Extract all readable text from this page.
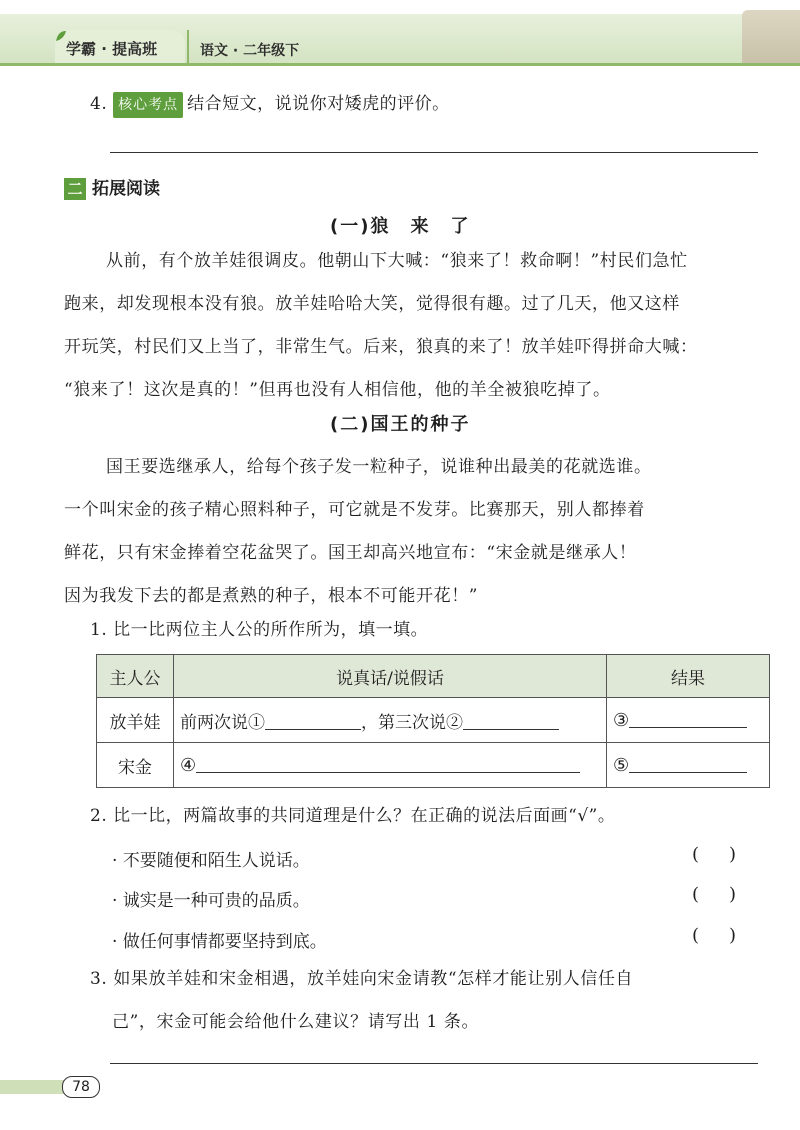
学霸 · 提高班	语文 · 二年级下
4. 核心考点 结合短文，说说你对矮虎的评价。
二 拓展阅读
(一)狼　来　了
从前，有个放羊娃很调皮。他朝山下大喊：“狼来了！救命啊！”村民们急忙
跑来，却发现根本没有狼。放羊娃哈哈大笑，觉得很有趣。过了几天，他又这样
开玩笑，村民们又上当了，非常生气。后来，狼真的来了！放羊娃吓得拼命大喊：
“狼来了！这次是真的！”但再也没有人相信他，他的羊全被狼吃掉了。
(二)国王的种子
国王要选继承人，给每个孩子发一粒种子，说谁种出最美的花就选谁。
一个叫宋金的孩子精心照料种子，可它就是不发芽。比赛那天，别人都捧着
鲜花，只有宋金捧着空花盆哭了。国王却高兴地宣布：“宋金就是继承人！
因为我发下去的都是煮熟的种子，根本不可能开花！”
1. 比一比两位主人公的所作所为，填一填。
主人公	说真话/说假话	结果
放羊娃	前两次说① ，第三次说②	③
宋金	④	⑤
2. 比一比，两篇故事的共同道理是什么？在正确的说法后面画“√”。
· 不要随便和陌生人说话。	()
· 诚实是一种可贵的品质。	()
· 做任何事情都要坚持到底。	()
3. 如果放羊娃和宋金相遇，放羊娃向宋金请教“怎样才能让别人信任自
己”，宋金可能会给他什么建议？请写出 1 条。
78
